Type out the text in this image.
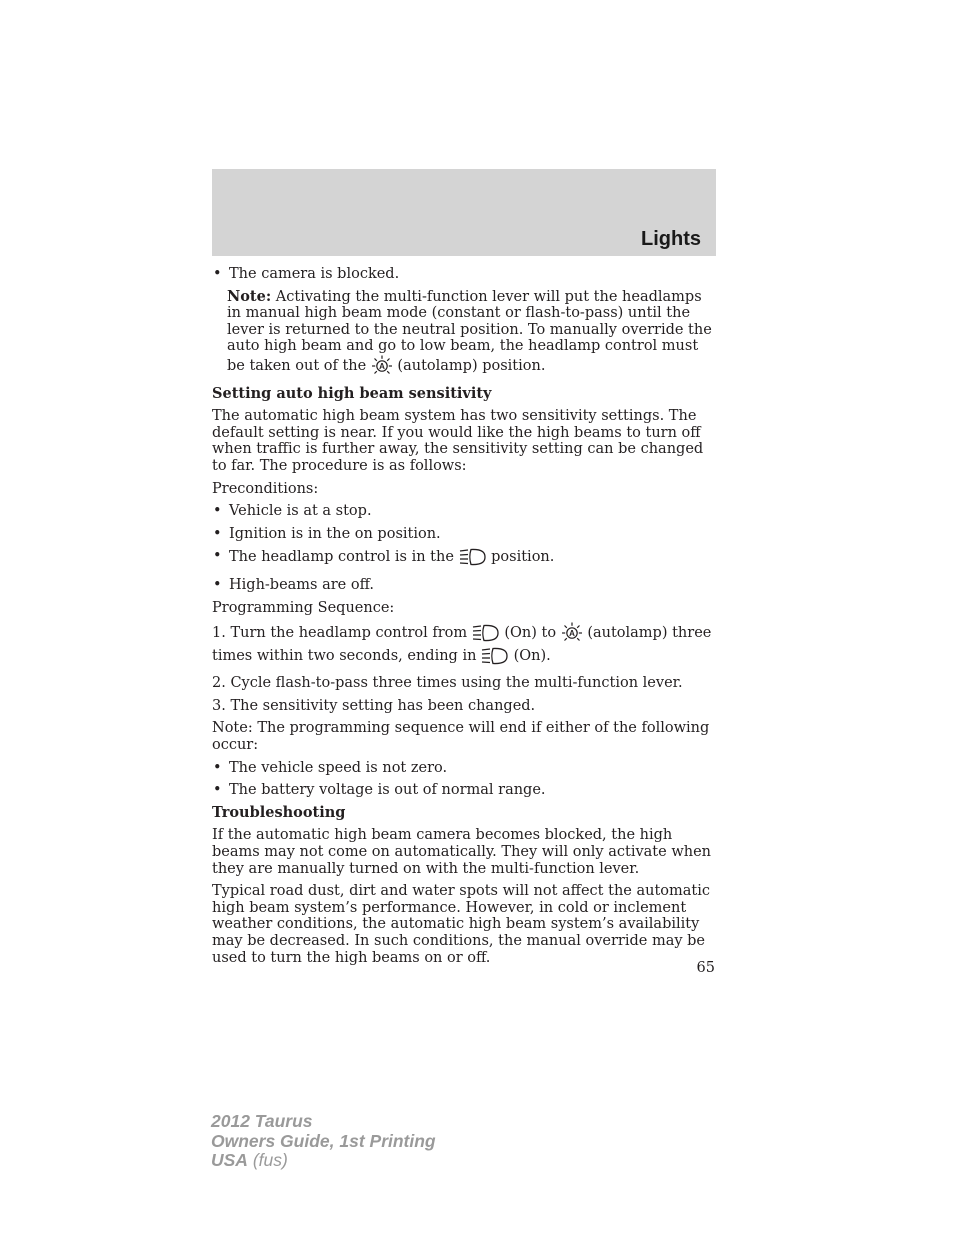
Lights
• The camera is blocked.
Note: Activating the multi-function lever will put the headlamps in manual high beam mode (constant or flash-to-pass) until the lever is returned to the neutral position. To manually override the auto high beam and go to low beam, the headlamp control must be taken out of the A (autolamp) position.
Setting auto high beam sensitivity
The automatic high beam system has two sensitivity settings. The default setting is near. If you would like the high beams to turn off when traffic is further away, the sensitivity setting can be changed to far. The procedure is as follows:
Preconditions:
• Vehicle is at a stop.
• Ignition is in the on position.
• The headlamp control is in the  position.
• High-beams are off.
Programming Sequence:
1. Turn the headlamp control from  (On) to A (autolamp) three times within two seconds, ending in  (On).
2. Cycle flash-to-pass three times using the multi-function lever.
3. The sensitivity setting has been changed.
Note: The programming sequence will end if either of the following occur:
• The vehicle speed is not zero.
• The battery voltage is out of normal range.
Troubleshooting
If the automatic high beam camera becomes blocked, the high beams may not come on automatically. They will only activate when they are manually turned on with the multi-function lever.
Typical road dust, dirt and water spots will not affect the automatic high beam system’s performance. However, in cold or inclement weather conditions, the automatic high beam system’s availability may be decreased. In such conditions, the manual override may be used to turn the high beams on or off.
65
2012 Taurus
Owners Guide, 1st Printing
USA (fus)
